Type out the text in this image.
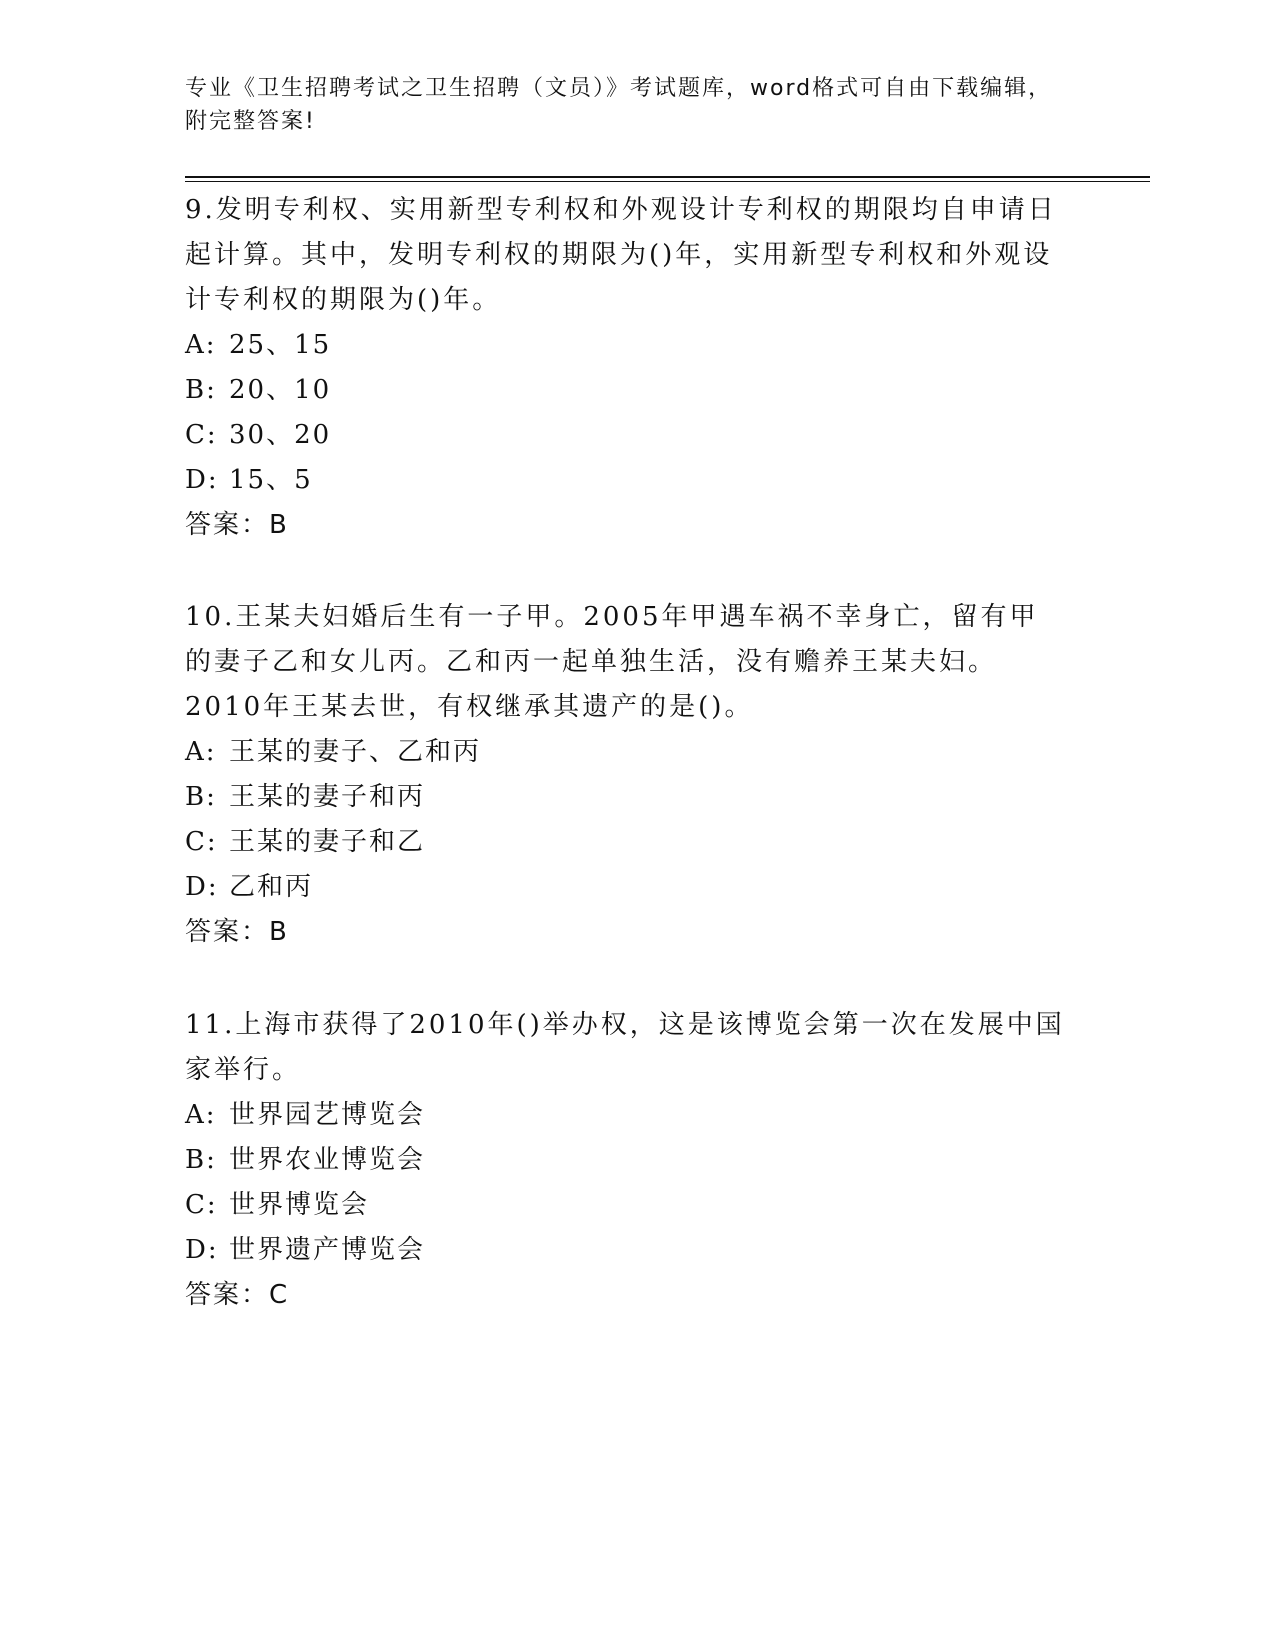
专业《卫生招聘考试之卫生招聘（文员）》考试题库，word格式可自由下载编辑，附完整答案!

9.发明专利权、实用新型专利权和外观设计专利权的期限均自申请日起计算。其中，发明专利权的期限为()年，实用新型专利权和外观设计专利权的期限为()年。

A: 25、15

B: 20、10

C: 30、20

D: 15、5

答案：B

10.王某夫妇婚后生有一子甲。2005年甲遇车祸不幸身亡，留有甲的妻子乙和女儿丙。乙和丙一起单独生活，没有赡养王某夫妇。2010年王某去世，有权继承其遗产的是()。

A: 王某的妻子、乙和丙

B: 王某的妻子和丙

C: 王某的妻子和乙

D: 乙和丙

答案：B

11.上海市获得了2010年()举办权，这是该博览会第一次在发展中国家举行。

A: 世界园艺博览会

B: 世界农业博览会

C: 世界博览会

D: 世界遗产博览会

答案：C
